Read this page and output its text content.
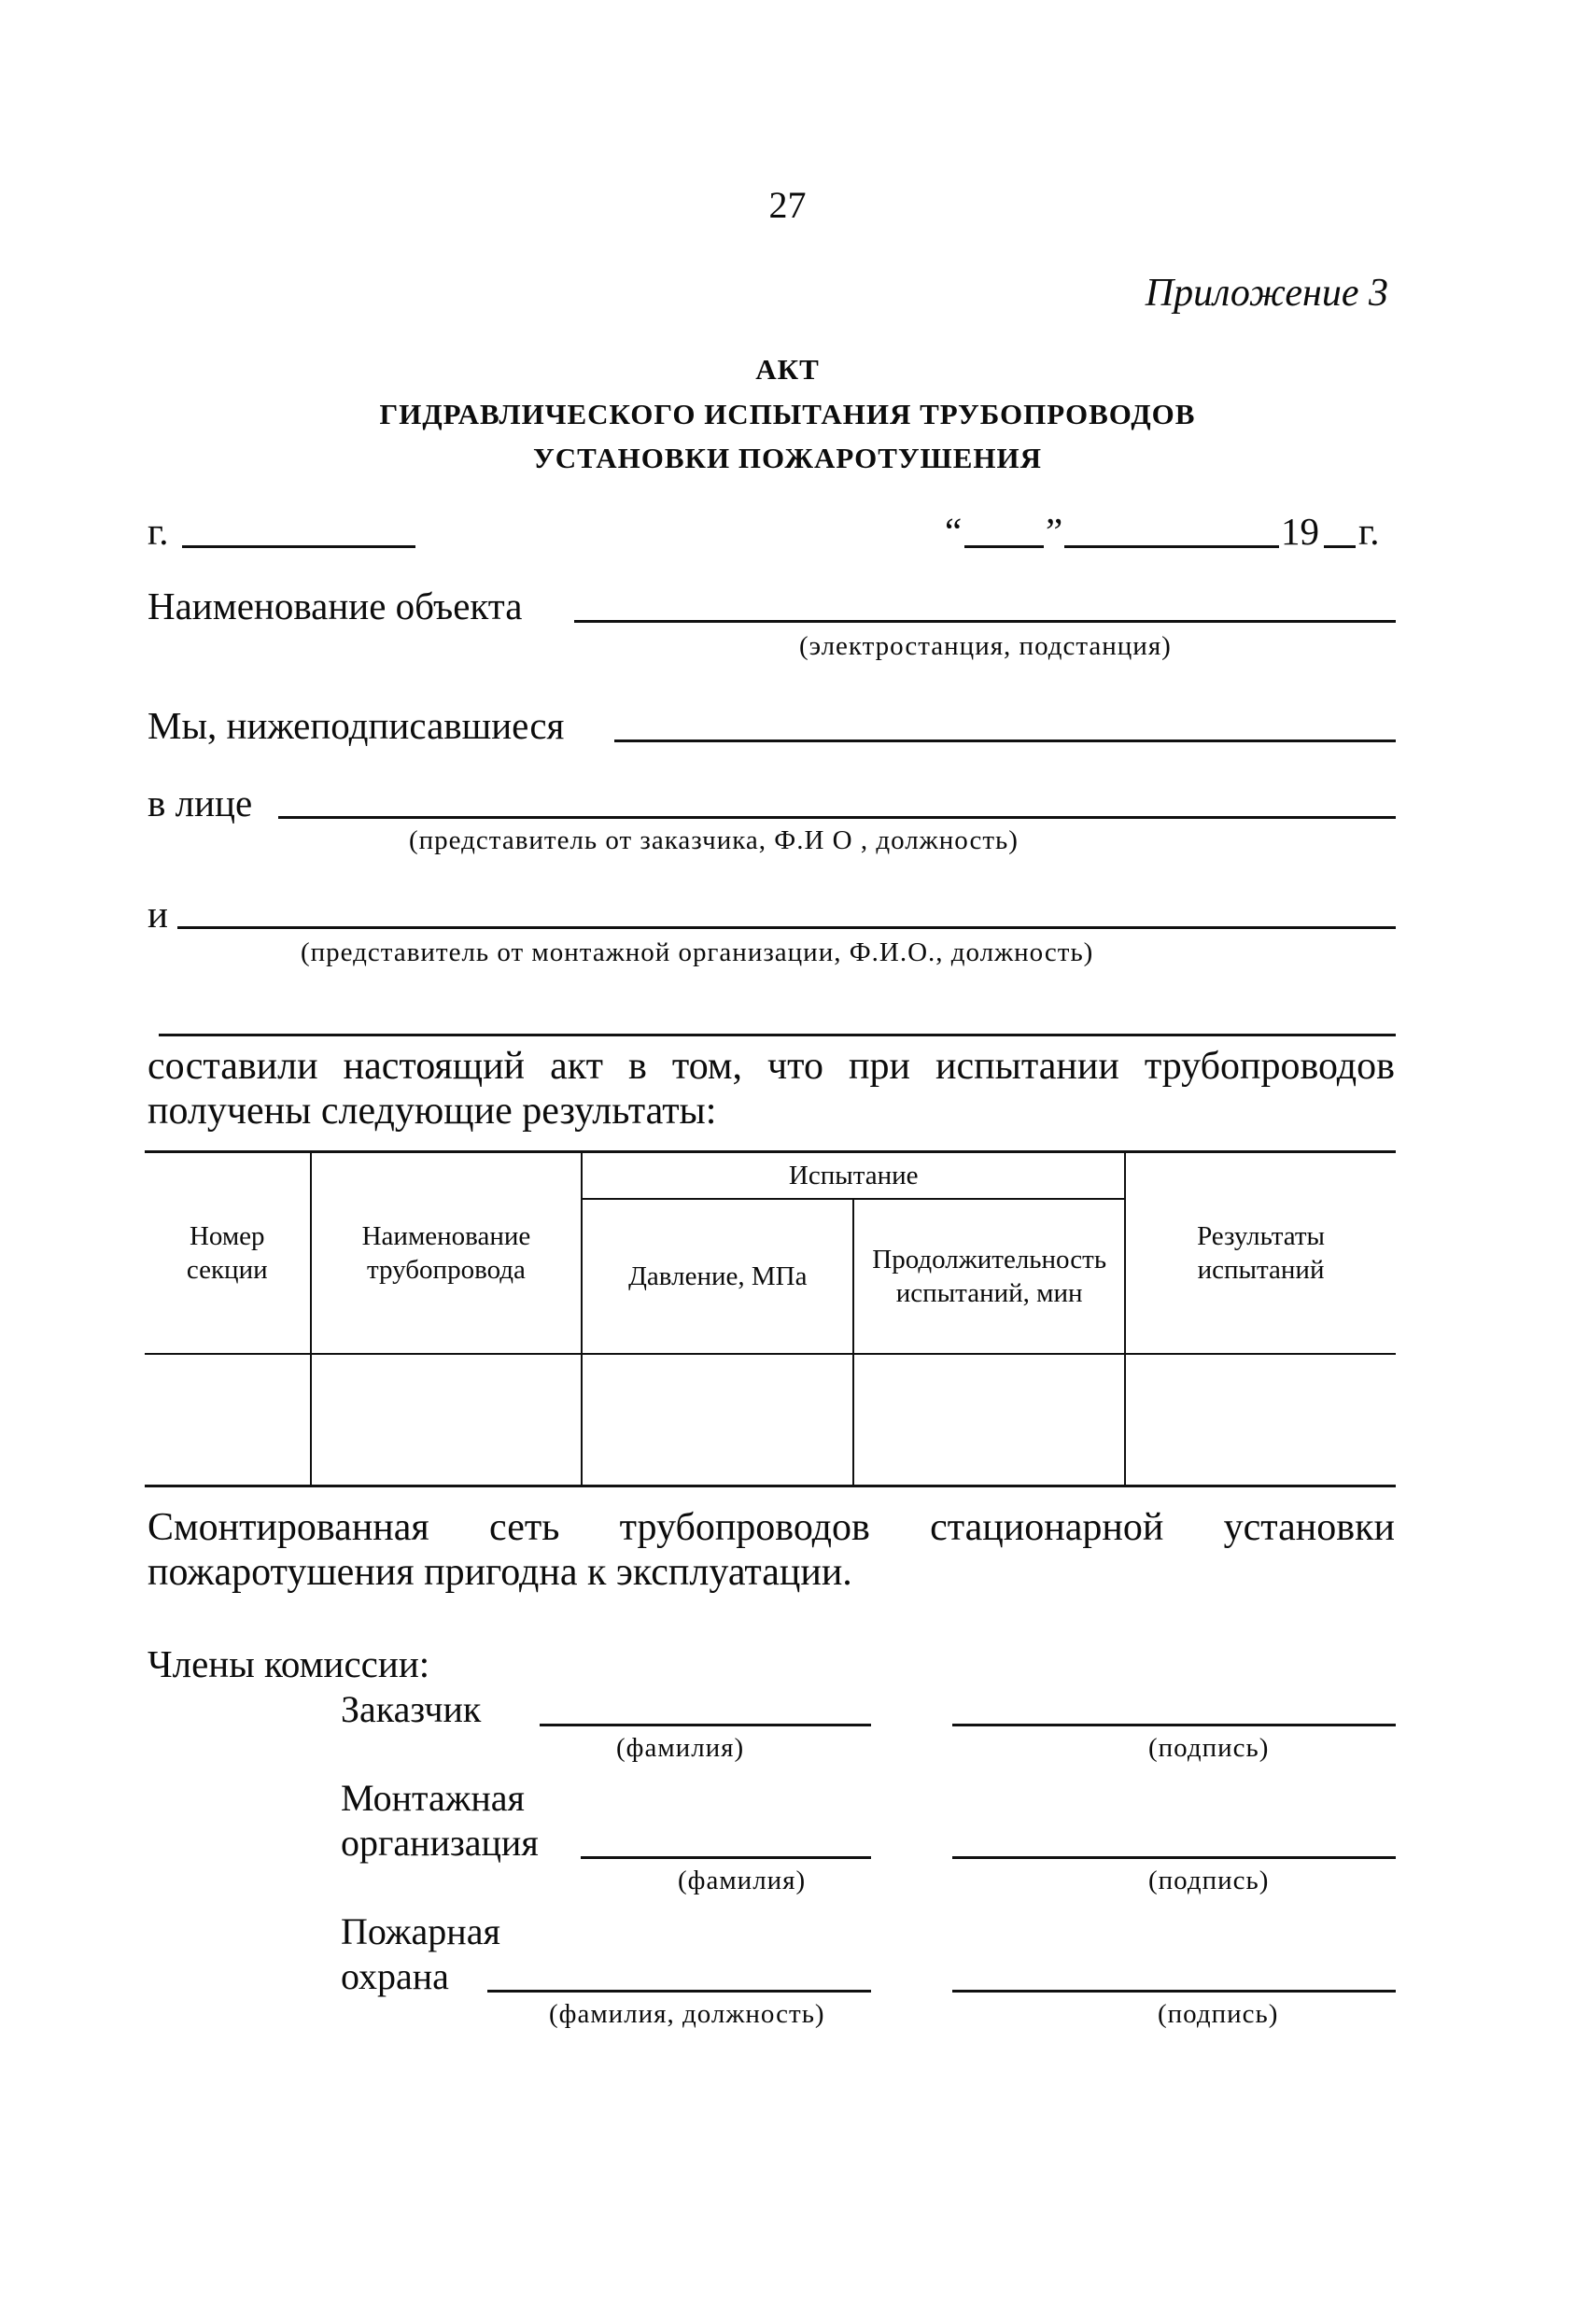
27
Приложение 3
АКТ
ГИДРАВЛИЧЕСКОГО ИСПЫТАНИЯ ТРУБОПРОВОДОВ
УСТАНОВКИ ПОЖАРОТУШЕНИЯ
г.	“ ”	19 г.
Наименование объекта
(электростанция, подстанция)
Мы, нижеподписавшиеся
в лице
(представитель от заказчика, Ф.И О , должность)
и
(представитель от монтажной организации, Ф.И.О., должность)
составили настоящий акт в том, что при испытании трубопроводов получены следующие результаты:
Номер секции	Наименование трубопровода	Испытание		Результаты испытаний
		Давление, МПа	Продолжительность испытаний, мин	

Смонтированная сеть трубопроводов стационарной установки пожаротушения пригодна к эксплуатации.
Члены комиссии:
Заказчик
(фамилия)	(подпись)
Монтажная
организация
(фамилия)	(подпись)
Пожарная
охрана
(фамилия, должность)	(подпись)
